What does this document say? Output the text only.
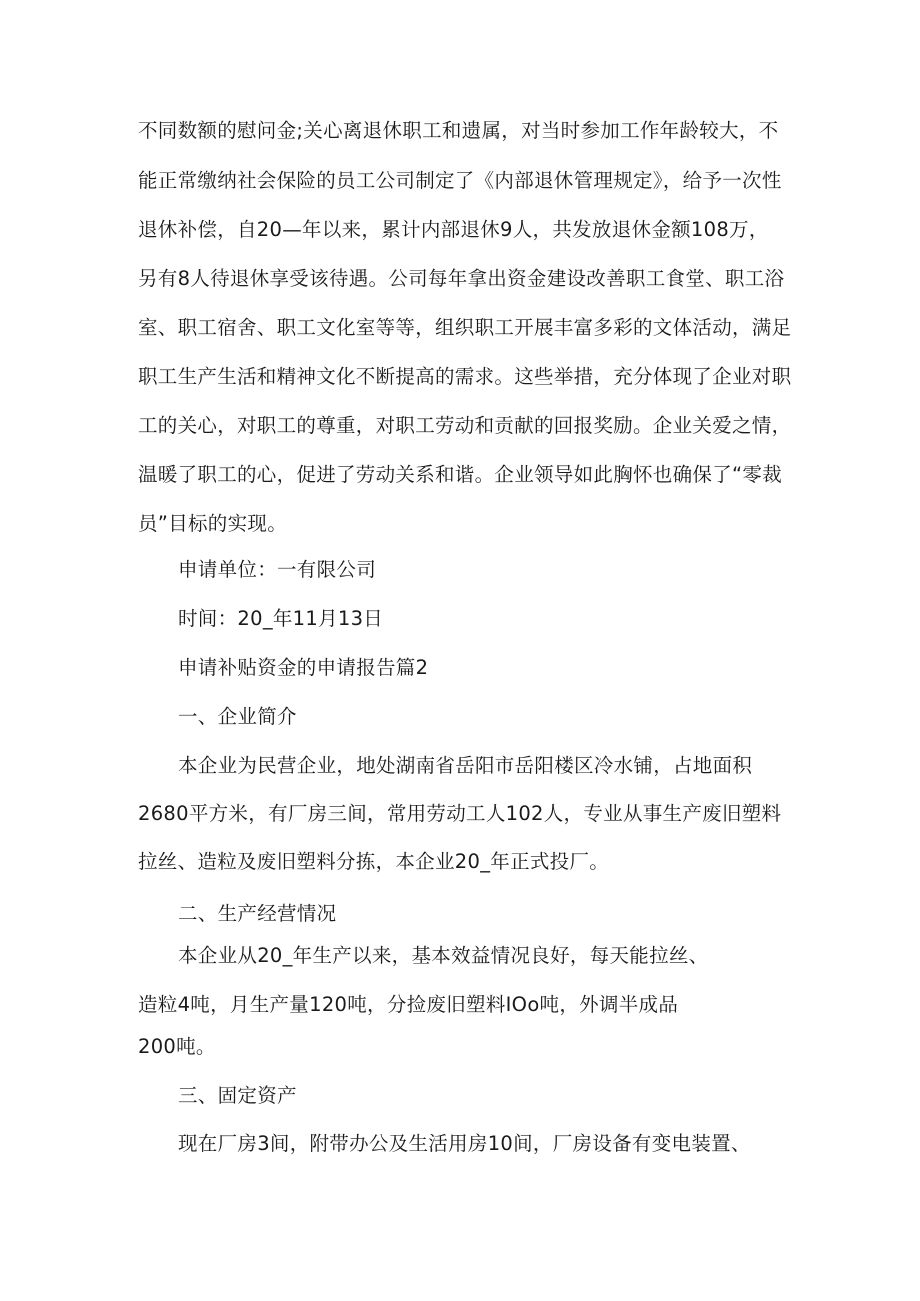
不同数额的慰问金;关心离退休职工和遗属，对当时参加工作年龄较大，不
能正常缴纳社会保险的员工公司制定了《内部退休管理规定》，给予一次性
退休补偿，自20—年以来，累计内部退休9人，共发放退休金额108万，
另有8人待退休享受该待遇。公司每年拿出资金建设改善职工食堂、职工浴
室、职工宿舍、职工文化室等等，组织职工开展丰富多彩的文体活动，满足
职工生产生活和精神文化不断提高的需求。这些举措，充分体现了企业对职
工的关心，对职工的尊重，对职工劳动和贡献的回报奖励。企业关爱之情，
温暖了职工的心，促进了劳动关系和谐。企业领导如此胸怀也确保了“零裁
员”目标的实现。
申请单位：一有限公司
时间：20_年11月13日
申请补贴资金的申请报告篇2
一、企业简介
本企业为民营企业，地处湖南省岳阳市岳阳楼区冷水铺，占地面积
2680平方米，有厂房三间，常用劳动工人102人，专业从事生产废旧塑料
拉丝、造粒及废旧塑料分拣，本企业20_年正式投厂。
二、生产经营情况
本企业从20_年生产以来，基本效益情况良好，每天能拉丝、
造粒4吨，月生产量120吨，分捡废旧塑料IOo吨，外调半成品
200吨。
三、固定资产
现在厂房3间，附带办公及生活用房10间，厂房设备有变电装置、
